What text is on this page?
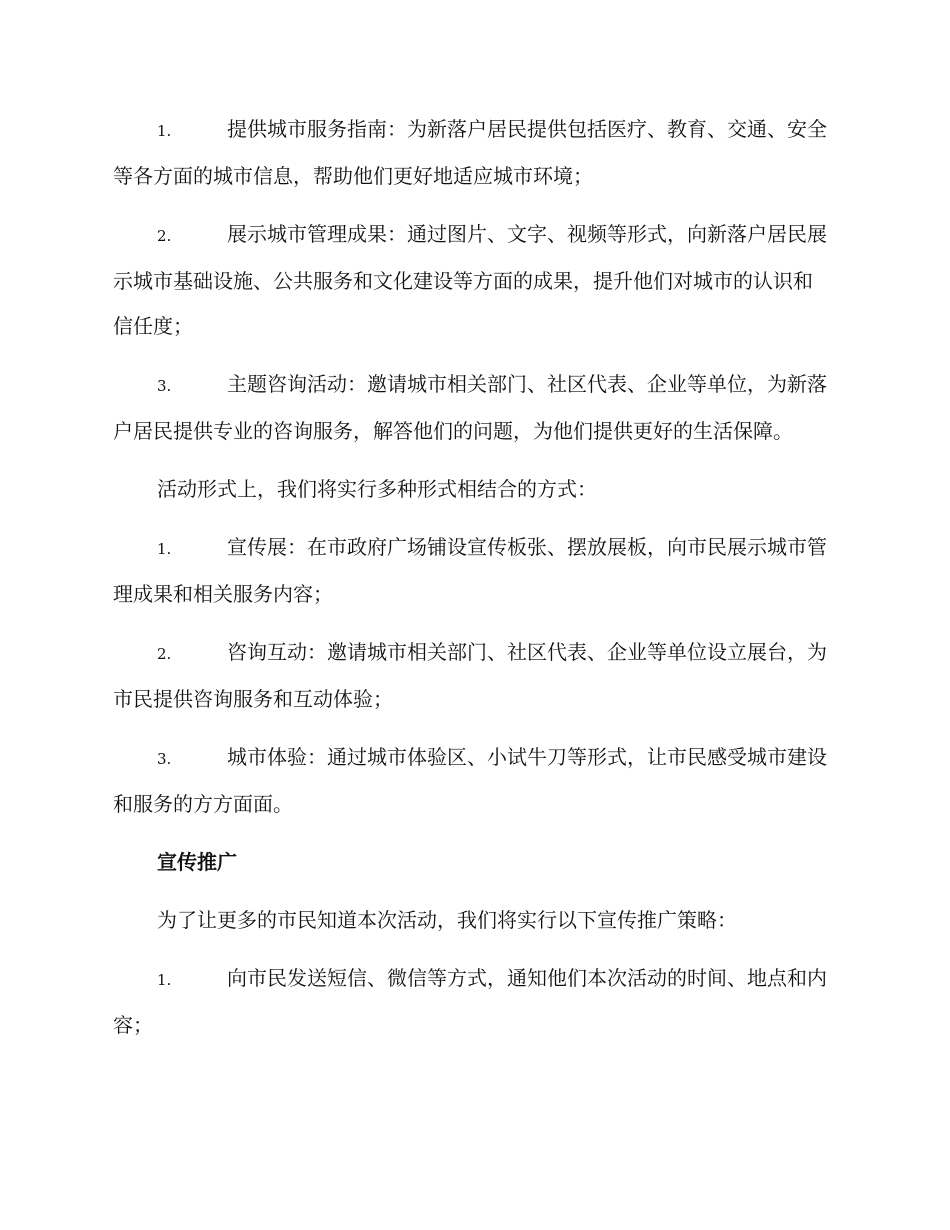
1.	提供城市服务指南：为新落户居民提供包括医疗、教育、交通、安全等各方面的城市信息，帮助他们更好地适应城市环境；

2.	展示城市管理成果：通过图片、文字、视频等形式，向新落户居民展示城市基础设施、公共服务和文化建设等方面的成果，提升他们对城市的认识和信任度；

3.	主题咨询活动：邀请城市相关部门、社区代表、企业等单位，为新落户居民提供专业的咨询服务，解答他们的问题，为他们提供更好的生活保障。

活动形式上，我们将实行多种形式相结合的方式：

1.	宣传展：在市政府广场铺设宣传板张、摆放展板，向市民展示城市管理成果和相关服务内容；

2.	咨询互动：邀请城市相关部门、社区代表、企业等单位设立展台，为市民提供咨询服务和互动体验；

3.	城市体验：通过城市体验区、小试牛刀等形式，让市民感受城市建设和服务的方方面面。

宣传推广

为了让更多的市民知道本次活动，我们将实行以下宣传推广策略：

1.	向市民发送短信、微信等方式，通知他们本次活动的时间、地点和内容；
